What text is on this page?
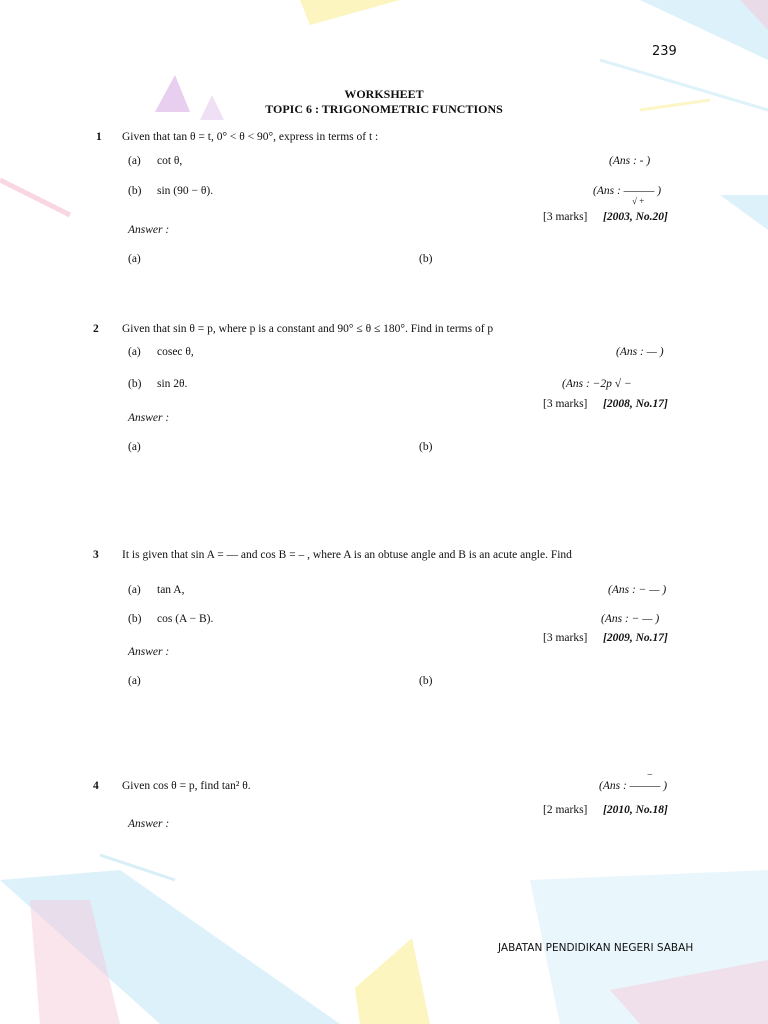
239
WORKSHEET
TOPIC 6 : TRIGONOMETRIC FUNCTIONS
1 Given that tan θ = t, 0° < θ < 90°, express in terms of t :
(a) cot θ,	(Ans : - )
(b) sin (90 − θ).	(Ans : ——— )
√ +
[3 marks] [2003, No.20]
Answer :
(a)	(b)
2 Given that sin θ = p, where p is a constant and 90° ≤ θ ≤ 180°. Find in terms of p
(a) cosec θ,	(Ans : — )
(b) sin 2θ.	(Ans : −2p √ −
[3 marks] [2008, No.17]
Answer :
(a)	(b)
3 It is given that sin A = — and cos B = – , where A is an obtuse angle and B is an acute angle. Find
(a) tan A,	(Ans : − — )
(b) cos (A − B).	(Ans : − — )
[3 marks] [2009, No.17]
Answer :
(a)	(b)
4 Given cos θ = p, find tan² θ.
−
(Ans : ——— )
[2 marks] [2010, No.18]
Answer :
JABATAN PENDIDIKAN NEGERI SABAH
